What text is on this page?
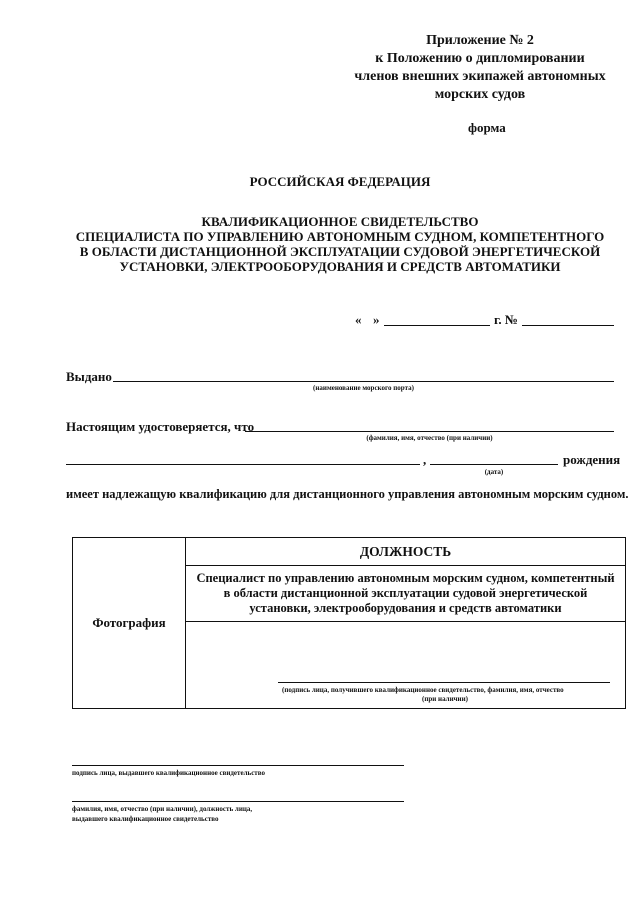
Приложение № 2
к Положению о дипломировании
членов внешних экипажей автономных
морских судов
форма
РОССИЙСКАЯ ФЕДЕРАЦИЯ
КВАЛИФИКАЦИОННОЕ СВИДЕТЕЛЬСТВО
СПЕЦИАЛИСТА ПО УПРАВЛЕНИЮ АВТОНОМНЫМ СУДНОМ, КОМПЕТЕНТНОГО
В ОБЛАСТИ ДИСТАНЦИОННОЙ ЭКСПЛУАТАЦИИ СУДОВОЙ ЭНЕРГЕТИЧЕСКОЙ
УСТАНОВКИ, ЭЛЕКТРООБОРУДОВАНИЯ И СРЕДСТВ АВТОМАТИКИ
« »	г. №
Выдано
(наименование морского порта)
Настоящим удостоверяется, что
(фамилия, имя, отчество (при наличии)
,	рождения
(дата)
имеет надлежащую квалификацию для дистанционного управления автономным морским судном.
Фотография	ДОЛЖНОСТЬ
Специалист по управлению автономным морским судном, компетентный в области дистанционной эксплуатации судовой энергетической установки, электрооборудования и средств автоматики

(подпись лица, получившего квалификационное свидетельство, фамилия, имя, отчество
(при наличии)
подпись лица, выдавшего квалификационное свидетельство
фамилия, имя, отчество (при наличии), должность лица,
выдавшего квалификационное свидетельство
